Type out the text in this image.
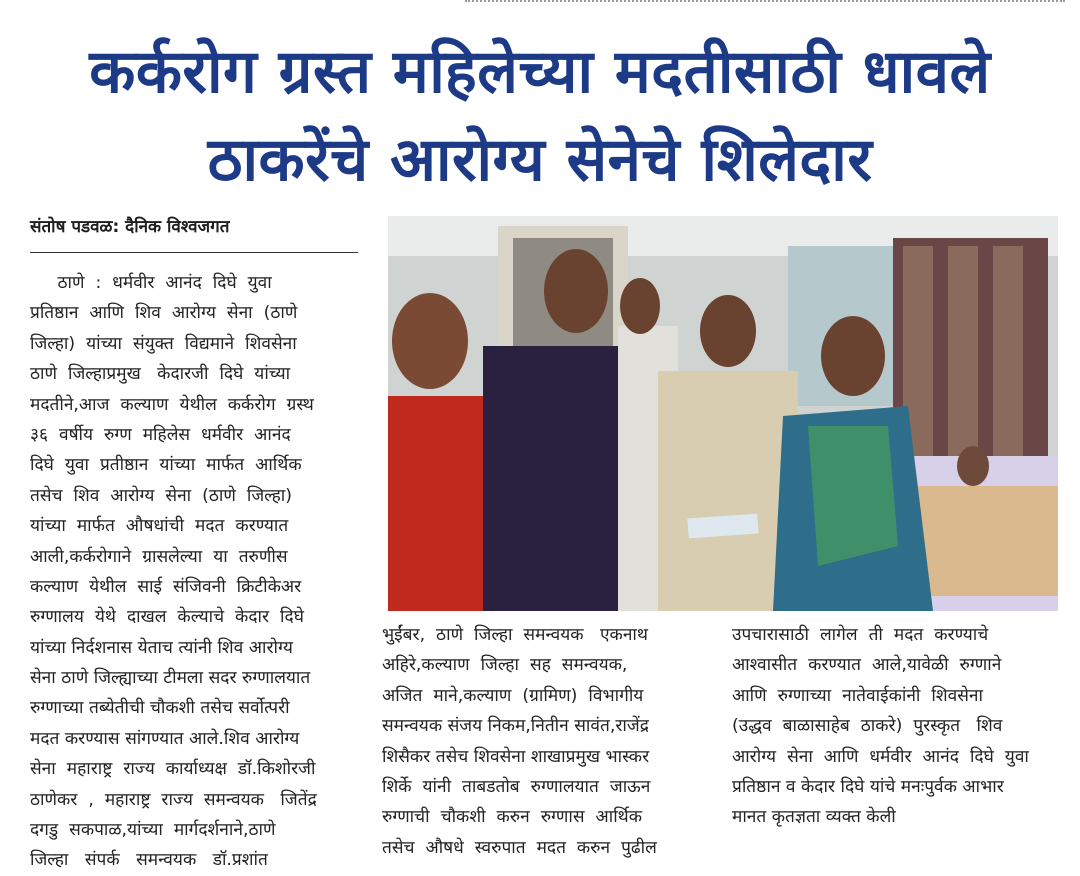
कर्करोग ग्रस्त महिलेच्या मदतीसाठी धावले
ठाकरेंचे आरोग्य सेनेचे शिलेदार
संतोष पडवळ: दैनिक विश्वजगत
ठाणे  :  धर्मवीर  आनंद  दिघे  युवा
प्रतिष्ठान  आणि  शिव  आरोग्य  सेना  (ठाणे
जिल्हा)  यांच्या  संयुक्त  विद्यमाने  शिवसेना
ठाणे  जिल्हाप्रमुख   केदारजी  दिघे  यांच्या
मदतीने,आज  कल्याण  येथील  कर्करोग  ग्रस्थ
३६  वर्षीय  रुग्ण  महिलेस  धर्मवीर  आनंद
दिघे  युवा  प्रतीष्ठान  यांच्या  मार्फत  आर्थिक
तसेच  शिव  आरोग्य  सेना  (ठाणे  जिल्हा)
यांच्या  मार्फत  औषधांची  मदत  करण्यात
आली,कर्करोगाने  ग्रासलेल्या  या  तरुणीस
कल्याण  येथील  साई  संजिवनी  क्रिटीकेअर
रुग्णालय  येथे  दाखल  केल्याचे  केदार  दिघे
यांच्या निर्दशनास येताच त्यांनी शिव आरोग्य
सेना ठाणे जिल्ह्याच्या टीमला सदर रुग्णालयात
रुग्णाच्या तब्येतीची चौकशी तसेच सर्वोत्परी
मदत करण्यास सांगण्यात आले.शिव आरोग्य
सेना  महाराष्ट्र  राज्य  कार्याध्यक्ष  डॉ.किशोरजी
ठाणेकर  ,  महाराष्ट्र  राज्य  समन्वयक   जितेंद्र
दगडु  सकपाळ,यांच्या  मार्गदर्शनाने,ठाणे
जिल्हा   संपर्क   समन्वयक   डॉ.प्रशांत
भुईंबर,  ठाणे  जिल्हा  समन्वयक   एकनाथ
अहिरे,कल्याण  जिल्हा  सह  समन्वयक,
अजित  माने,कल्याण  (ग्रामिण)  विभागीय
समन्वयक संजय निकम,नितीन सावंत,राजेंद्र
शिसैकर तसेच शिवसेना शाखाप्रमुख भास्कर
शिर्के  यांनी  ताबडतोब  रुग्णालयात  जाऊन
रुग्णाची  चौकशी  करुन  रुग्णास  आर्थिक
तसेच  औषधे  स्वरुपात  मदत  करुन  पुढील
उपचारासाठी  लागेल  ती  मदत  करण्याचे
आश्वासीत  करण्यात  आले,यावेळी  रुग्णाने
आणि  रुग्णाच्या  नातेवाईकांनी  शिवसेना
(उद्धव  बाळासाहेब  ठाकरे)  पुरस्कृत   शिव
आरोग्य  सेना  आणि  धर्मवीर  आनंद  दिघे  युवा
प्रतिष्ठान व केदार दिघे यांचे मनःपुर्वक आभार
मानत कृतज्ञता व्यक्त केली
